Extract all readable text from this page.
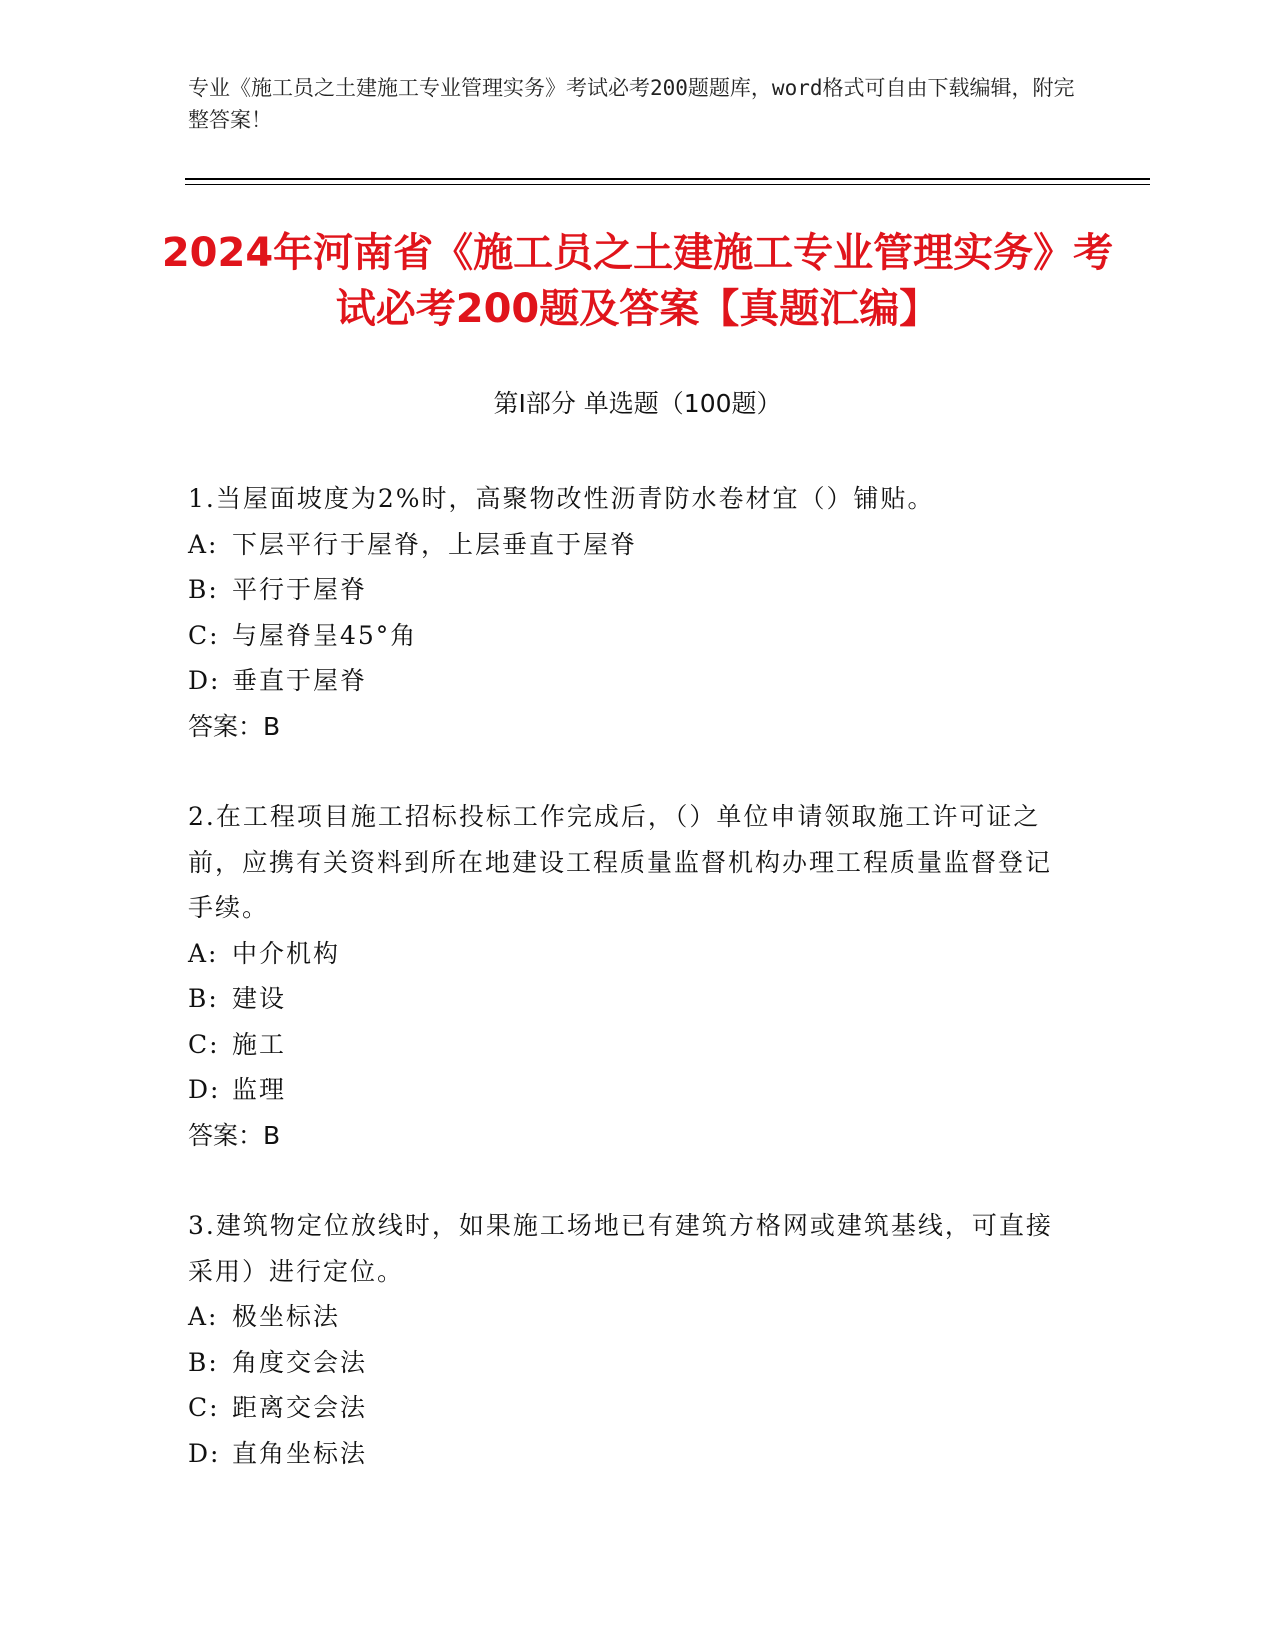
专业《施工员之土建施工专业管理实务》考试必考200题题库，word格式可自由下载编辑，附完整答案！
2024年河南省《施工员之土建施工专业管理实务》考试必考200题及答案【真题汇编】
第I部分 单选题（100题）
1.当屋面坡度为2%时，高聚物改性沥青防水卷材宜（）铺贴。
A: 下层平行于屋脊，上层垂直于屋脊
B: 平行于屋脊
C: 与屋脊呈45°角
D: 垂直于屋脊
答案：B
2.在工程项目施工招标投标工作完成后，（）单位申请领取施工许可证之前，应携有关资料到所在地建设工程质量监督机构办理工程质量监督登记手续。
A: 中介机构
B: 建设
C: 施工
D: 监理
答案：B
3.建筑物定位放线时，如果施工场地已有建筑方格网或建筑基线，可直接采用）进行定位。
A: 极坐标法
B: 角度交会法
C: 距离交会法
D: 直角坐标法
